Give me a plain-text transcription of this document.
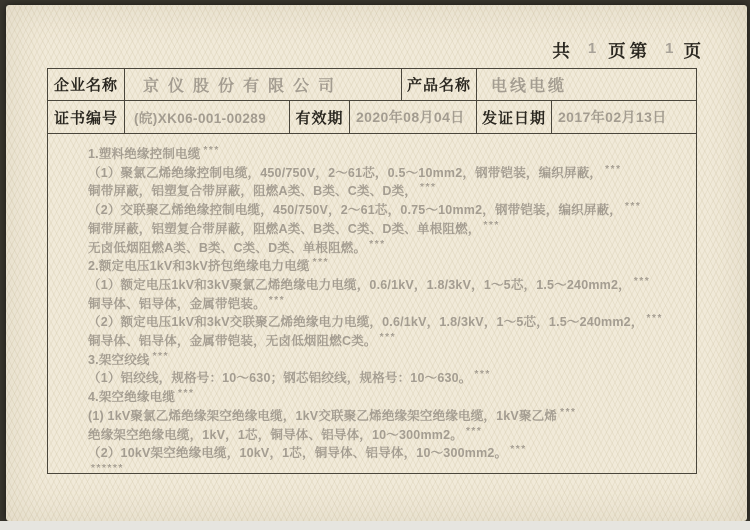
共 1 页 第 1 页
企业名称	京仪股份有限公司	产品名称	电线电缆
证书编号	(皖)XK06-001-00289	有效期 2020年08月04日	发证日期 2017年02月13日
1.塑料绝缘控制电缆 ***
（1）聚氯乙烯绝缘控制电缆，450/750V，2～61芯，0.5～10mm2，钢带铠装，编织屏蔽， ***
铜带屏蔽，铝塑复合带屏蔽，阻燃A类、B类、C类、D类， ***
（2）交联聚乙烯绝缘控制电缆，450/750V，2～61芯，0.75～10mm2，钢带铠装，编织屏蔽， ***
铜带屏蔽，铝塑复合带屏蔽，阻燃A类、B类、C类、D类、单根阻燃， ***
无卤低烟阻燃A类、B类、C类、D类、单根阻燃。 ***
2.额定电压1kV和3kV挤包绝缘电力电缆 ***
（1）额定电压1kV和3kV聚氯乙烯绝缘电力电缆，0.6/1kV，1.8/3kV，1～5芯，1.5～240mm2， ***
铜导体、铝导体，金属带铠装。 ***
（2）额定电压1kV和3kV交联聚乙烯绝缘电力电缆，0.6/1kV，1.8/3kV，1～5芯，1.5～240mm2， ***
铜导体、铝导体，金属带铠装，无卤低烟阻燃C类。 ***
3.架空绞线 ***
（1）铝绞线，规格号：10～630；钢芯铝绞线，规格号：10～630。 ***
4.架空绝缘电缆 ***
(1) 1kV聚氯乙烯绝缘架空绝缘电缆，1kV交联聚乙烯绝缘架空绝缘电缆，1kV聚乙烯 ***
绝缘架空绝缘电缆，1kV，1芯，铜导体、铝导体，10～300mm2。 ***
（2）10kV架空绝缘电缆，10kV，1芯，铜导体、铝导体，10～300mm2。 ***
******
